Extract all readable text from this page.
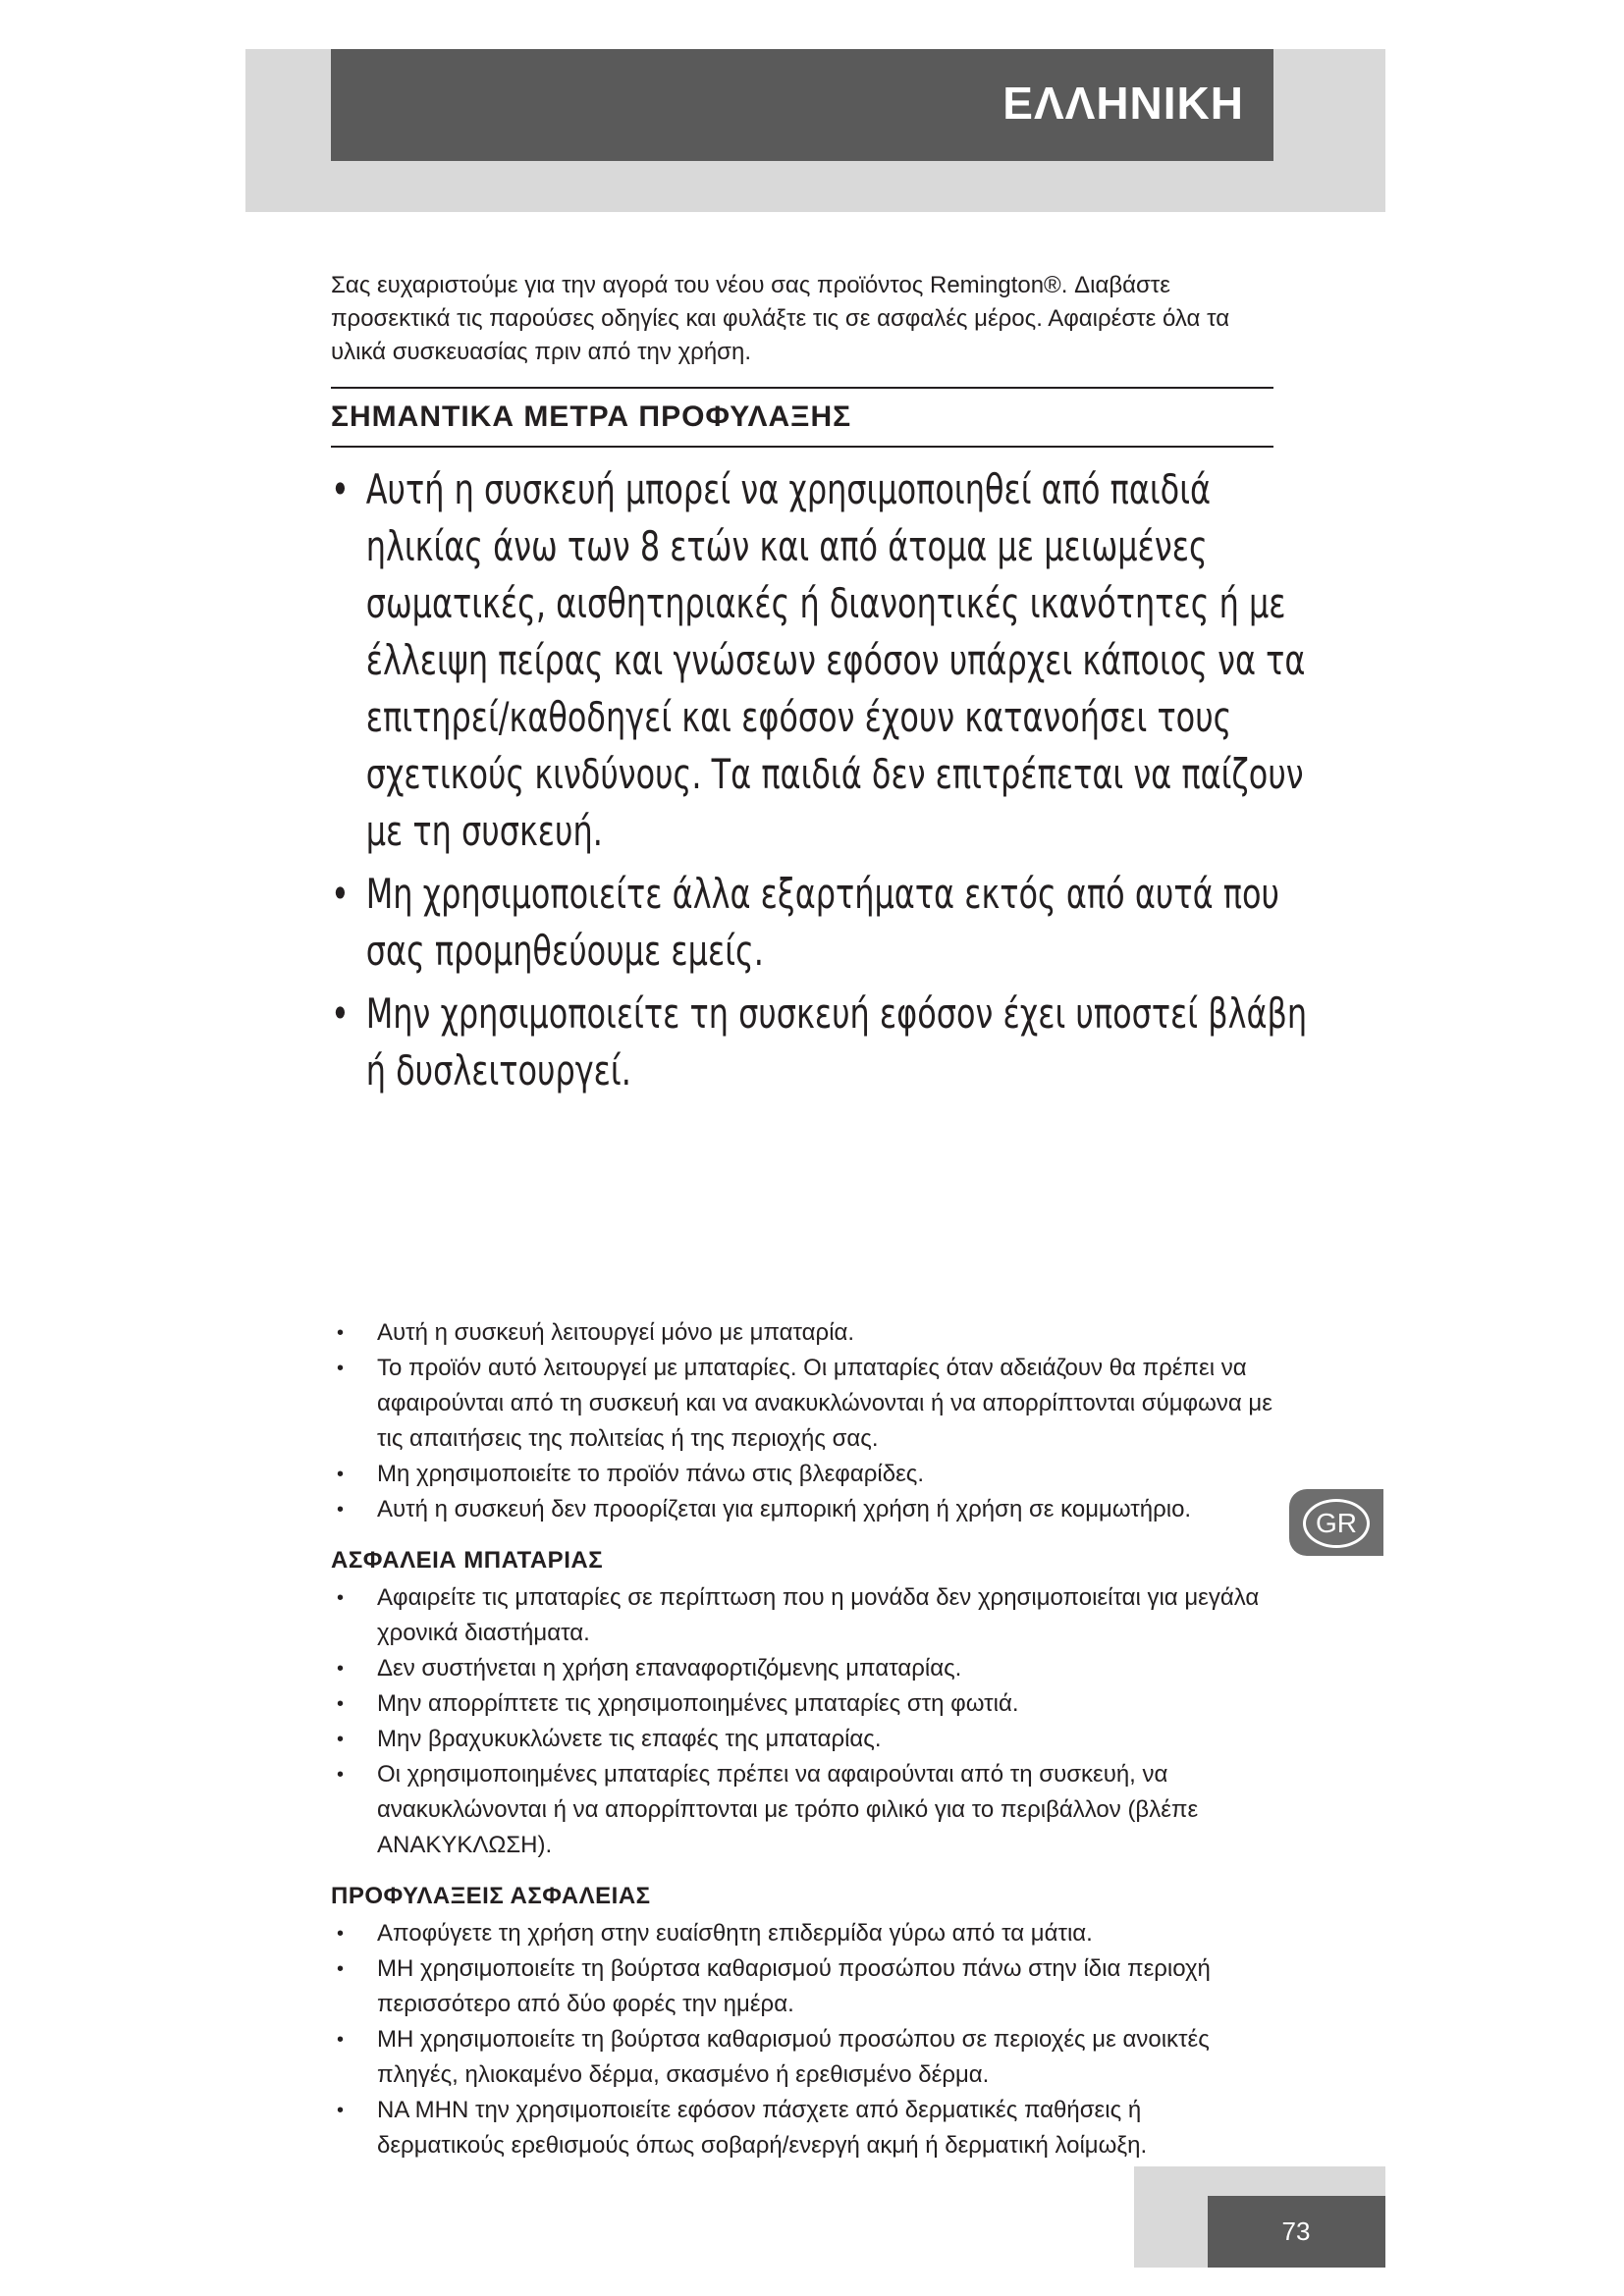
ΕΛΛΗΝΙΚΗ

Σας ευχαριστούμε για την αγορά του νέου σας προϊόντος Remington®. Διαβάστε προσεκτικά τις παρούσες οδηγίες και φυλάξτε τις σε ασφαλές μέρος. Αφαιρέστε όλα τα υλικά συσκευασίας πριν από την χρήση.

ΣΗΜΑΝΤΙΚΑ ΜΕΤΡΑ ΠΡΟΦΥΛΑΞΗΣ
• Αυτή η συσκευή μπορεί να χρησιμοποιηθεί από παιδιά ηλικίας άνω των 8 ετών και από άτομα με μειωμένες σωματικές, αισθητηριακές ή διανοητικές ικανότητες ή με έλλειψη πείρας και γνώσεων εφόσον υπάρχει κάποιος να τα επιτηρεί/καθοδηγεί και εφόσον έχουν κατανοήσει τους σχετικούς κινδύνους. Τα παιδιά δεν επιτρέπεται να παίζουν με τη συσκευή.
• Μη χρησιμοποιείτε άλλα εξαρτήματα εκτός από αυτά που σας προμηθεύουμε εμείς.
• Μην χρησιμοποιείτε τη συσκευή εφόσον έχει υποστεί βλάβη ή δυσλειτουργεί.
• Αυτή η συσκευή λειτουργεί μόνο με μπαταρία.
• Το προϊόν αυτό λειτουργεί με μπαταρίες. Οι μπαταρίες όταν αδειάζουν θα πρέπει να αφαιρούνται από τη συσκευή και να ανακυκλώνονται ή να απορρίπτονται σύμφωνα με τις απαιτήσεις της πολιτείας ή της περιοχής σας.
• Μη χρησιμοποιείτε το προϊόν πάνω στις βλεφαρίδες.
• Αυτή η συσκευή δεν προορίζεται για εμπορική χρήση ή χρήση σε κομμωτήριο.
ΑΣΦΑΛΕΙΑ ΜΠΑΤΑΡΙΑΣ
• Αφαιρείτε τις μπαταρίες σε περίπτωση που η μονάδα δεν χρησιμοποιείται για μεγάλα χρονικά διαστήματα.
• Δεν συστήνεται η χρήση επαναφορτιζόμενης μπαταρίας.
• Μην απορρίπτετε τις χρησιμοποιημένες μπαταρίες στη φωτιά.
• Μην βραχυκυκλώνετε τις επαφές της μπαταρίας.
• Οι χρησιμοποιημένες μπαταρίες πρέπει να αφαιρούνται από τη συσκευή, να ανακυκλώνονται ή να απορρίπτονται με τρόπο φιλικό για το περιβάλλον (βλέπε ΑΝΑΚΥΚΛΩΣΗ).
ΠΡΟΦΥΛΑΞΕΙΣ ΑΣΦΑΛΕΙΑΣ
• Αποφύγετε τη χρήση στην ευαίσθητη επιδερμίδα γύρω από τα μάτια.
• ΜΗ χρησιμοποιείτε τη βούρτσα καθαρισμού προσώπου πάνω στην ίδια περιοχή περισσότερο από δύο φορές την ημέρα.
• ΜΗ χρησιμοποιείτε τη βούρτσα καθαρισμού προσώπου σε περιοχές με ανοικτές πληγές, ηλιοκαμένο δέρμα, σκασμένο ή ερεθισμένο δέρμα.
• ΝΑ ΜΗΝ την χρησιμοποιείτε εφόσον πάσχετε από δερματικές παθήσεις ή δερματικούς ερεθισμούς όπως σοβαρή/ενεργή ακμή ή δερματική λοίμωξη.
GR
73
